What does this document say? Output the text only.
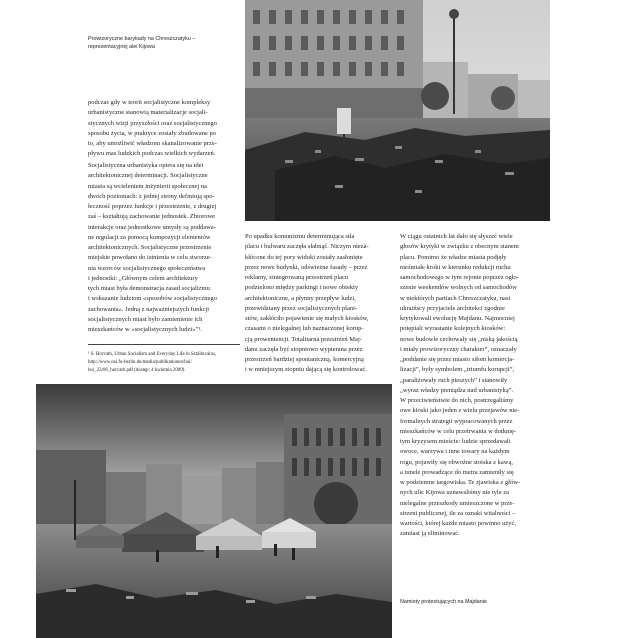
Prowizoryczne barykady na Chreszczatyku –
reprezentacyjnej alei Kijowa
podczas gdy w teorii socjalistyczne kompleksy
urbanistyczne stanowią materializacje socjali-
stycznych wizji przyszłości oraz socjalistycznego
sposobu życia, w praktyce zostały zbudowane po
to, aby umożliwić władzom skanalizowanie prze-
pływu mas ludzkich podczas wielkich wydarzeń.
Socjalistyczna urbanistyka opiera się na idei
architektonicznej determinacji. Socjalistyczne
miasta są wcieleniem inżynierii społecznej na
dwóch poziomach: z jednej strony definiują spo-
łeczność poprzez funkcje i przestrzenie, z drugiej
zaś – kształtują zachowanie jednostek. Zbiorowe
interakcje oraz jednostkowe umysły są poddawa-
ne regulacji za pomocą kompozycji elementów
architektonicznych. Socjalistyczne przestrzenie
miejskie powołano do istnienia w celu stworze-
nia wzorców socjalistycznego społeczeństwa
i jednostki: „Głównym celem architektury
tych miast była demonstracja zasad socjalizmu
i wskazanie ludziom «sposobów socjalistycznego
zachowania». Jedną z najważniejszych funkcji
socjalistycznych miast było zamienienie ich
mieszkańców w «socjalistycznych ludzi»”¹.
¹ S. Horvath, Urban Socialism and Everyday Life in Sztálinváros,
http://www.oei.fu-berlin.de/media/publikationen/boi/
boi_23/06_horvath.pdf (dostęp: 4 kwietnia 2009).
Po upadku komunizmu determinująca siła
placu i bulwaru zaczęła słabnąć. Niczym niezà-
kłócone do tej pory widoki zostały zasłonięte
przez nowe budynki, odświeżne fasady – przez
reklamy, zintegrowaną przestrzeń placu
podzielono między parkingi i nowe obiekty
architektoniczne, a płynny przepływ ludzi,
przewidziany przez socjalistycznych plani-
stów, zakłóciło pojawienie się małych kiosków,
czasami o nielegalnej lub naznaczonej korup-
cją proweniencji. Totalitarna przestrzeń Maj-
danu zaczęła być stopniowo wypierana przez
przestrzeń bardziej spontaniczną, komercyjną
i w mniejszym stopniu dającą się kontrolować.
W ciągu ostatnich lat dało się słyszeć wiele
głosów krytyki w związku z obecnym stanem
placu. Pomimo że władze miasta podjęły
nieśmiałe kroki w kierunku redukcji ruchu
samochodowego w tym rejonie poprzez ogło-
szenie weekendów wolnych od samochodów
w niektórych partiach Chreszczatyku, nasi
ukraińscy przyjaciele architekci zgodnie
krytykowali ewolucję Majdanu. Najmocniej
potępiali wyrastanie kolejnych kiosków:
nowe budowle cechowały się „niską jakością
i miały prowizoryczny charakter”, oznaczały
„poddanie się przez miasto siłom komercja-
lizacji”, były symbolem „triumfu korupcji”,
„paraliżowały ruch pieszych” i stanowiły
„wyraz władzy pieniądza nad urbanistyką”.
W przeciwieństwie do nich, postrzegaliśmy
owe kioski jako jeden z wielu przejawów nie-
formalnych strategii wypracowanych przez
mieszkańców w celu przetrwania w dotknię-
tym kryzysem mieście: ludzie sprzedawali
owoce, warzywa i inne towary na każdym
rogu, pojawiły się obwoźne stoiska z kawą,
a tunele prowadzące do metra zamieniły się
w podziemne targowiska. Te zjawiska z głów-
nych ulic Kijowa uznawaliśmy nie tyle za
nielegalne przeszkody umieszczone w prze-
strzeni publicznej, ile za oznaki witalności –
wartości, której każde miasto powinno użyć,
zamiast ją eliminować.
Namioty protestujących na Majdanie
